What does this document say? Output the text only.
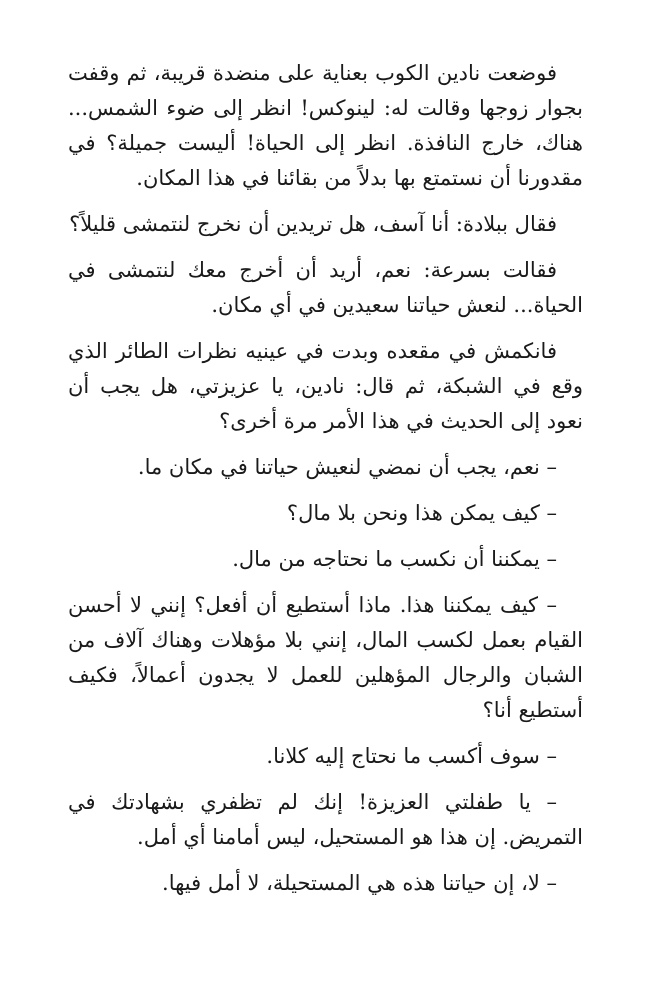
فوضعت نادين الكوب بعناية على منضدة قريبة، ثم وقفت بجوار زوجها وقالت له: لينوكس! انظر إلى ضوء الشمس... هناك، خارج النافذة. انظر إلى الحياة! أليست جميلة؟ في مقدورنا أن نستمتع بها بدلاً من بقائنا في هذا المكان.

فقال ببلادة: أنا آسف، هل تريدين أن نخرج لنتمشى قليلاً؟

فقالت بسرعة: نعم، أريد أن أخرج معك لنتمشى في الحياة... لنعش حياتنا سعيدين في أي مكان.

فانكمش في مقعده وبدت في عينيه نظرات الطائر الذي وقع في الشبكة، ثم قال: نادين، يا عزيزتي، هل يجب أن نعود إلى الحديث في هذا الأمر مرة أخرى؟

– نعم، يجب أن نمضي لنعيش حياتنا في مكان ما.

– كيف يمكن هذا ونحن بلا مال؟

– يمكننا أن نكسب ما نحتاجه من مال.

– كيف يمكننا هذا. ماذا أستطيع أن أفعل؟ إنني لا أحسن القيام بعمل لكسب المال، إنني بلا مؤهلات وهناك آلاف من الشبان والرجال المؤهلين للعمل لا يجدون أعمالاً، فكيف أستطيع أنا؟

– سوف أكسب ما نحتاج إليه كلانا.

– يا طفلتي العزيزة! إنك لم تظفري بشهادتك في التمريض. إن هذا هو المستحيل، ليس أمامنا أي أمل.

– لا، إن حياتنا هذه هي المستحيلة، لا أمل فيها.
